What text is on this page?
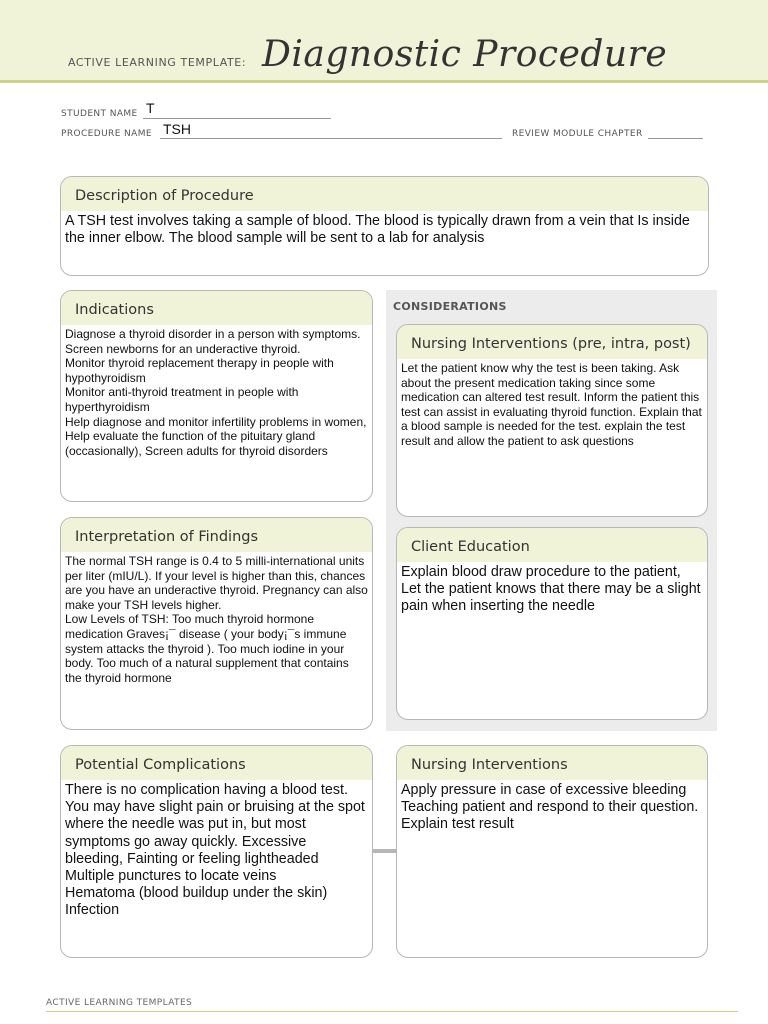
ACTIVE LEARNING TEMPLATE: Diagnostic Procedure
STUDENT NAME T
PROCEDURE NAME TSH	REVIEW MODULE CHAPTER
Description of Procedure
A TSH test involves taking a sample of blood. The blood is typically drawn from a vein that Is inside the inner elbow. The blood sample will be sent to a lab for analysis
Indications
Diagnose a thyroid disorder in a person with symptoms.
Screen newborns for an underactive thyroid.
Monitor thyroid replacement therapy in people with hypothyroidism
Monitor anti-thyroid treatment in people with hyperthyroidism
Help diagnose and monitor infertility problems in women,
Help evaluate the function of the pituitary gland (occasionally), Screen adults for thyroid disorders
CONSIDERATIONS
Nursing Interventions (pre, intra, post)
Let the patient know why the test is been taking. Ask about the present medication taking since some medication can altered test result. Inform the patient this test can assist in evaluating thyroid function. Explain that a blood sample is needed for the test. explain the test result and allow the patient to ask questions
Client Education
Explain blood draw procedure to the patient, Let the patient knows that there may be a slight pain when inserting the needle
Interpretation of Findings
The normal TSH range is 0.4 to 5 milli-international units per liter (mIU/L). If your level is higher than this, chances are you have an underactive thyroid. Pregnancy can also make your TSH levels higher.
Low Levels of TSH: Too much thyroid hormone medication Graves¡¯ disease ( your body¡¯s immune system attacks the thyroid ). Too much iodine in your body. Too much of a natural supplement that contains the thyroid hormone
Potential Complications
There is no complication having a blood test. You may have slight pain or bruising at the spot where the needle was put in, but most symptoms go away quickly. Excessive bleeding, Fainting or feeling lightheaded
Multiple punctures to locate veins
Hematoma (blood buildup under the skin)
Infection
Nursing Interventions
Apply pressure in case of excessive bleeding Teaching patient and respond to their question. Explain test result
ACTIVE LEARNING TEMPLATES
